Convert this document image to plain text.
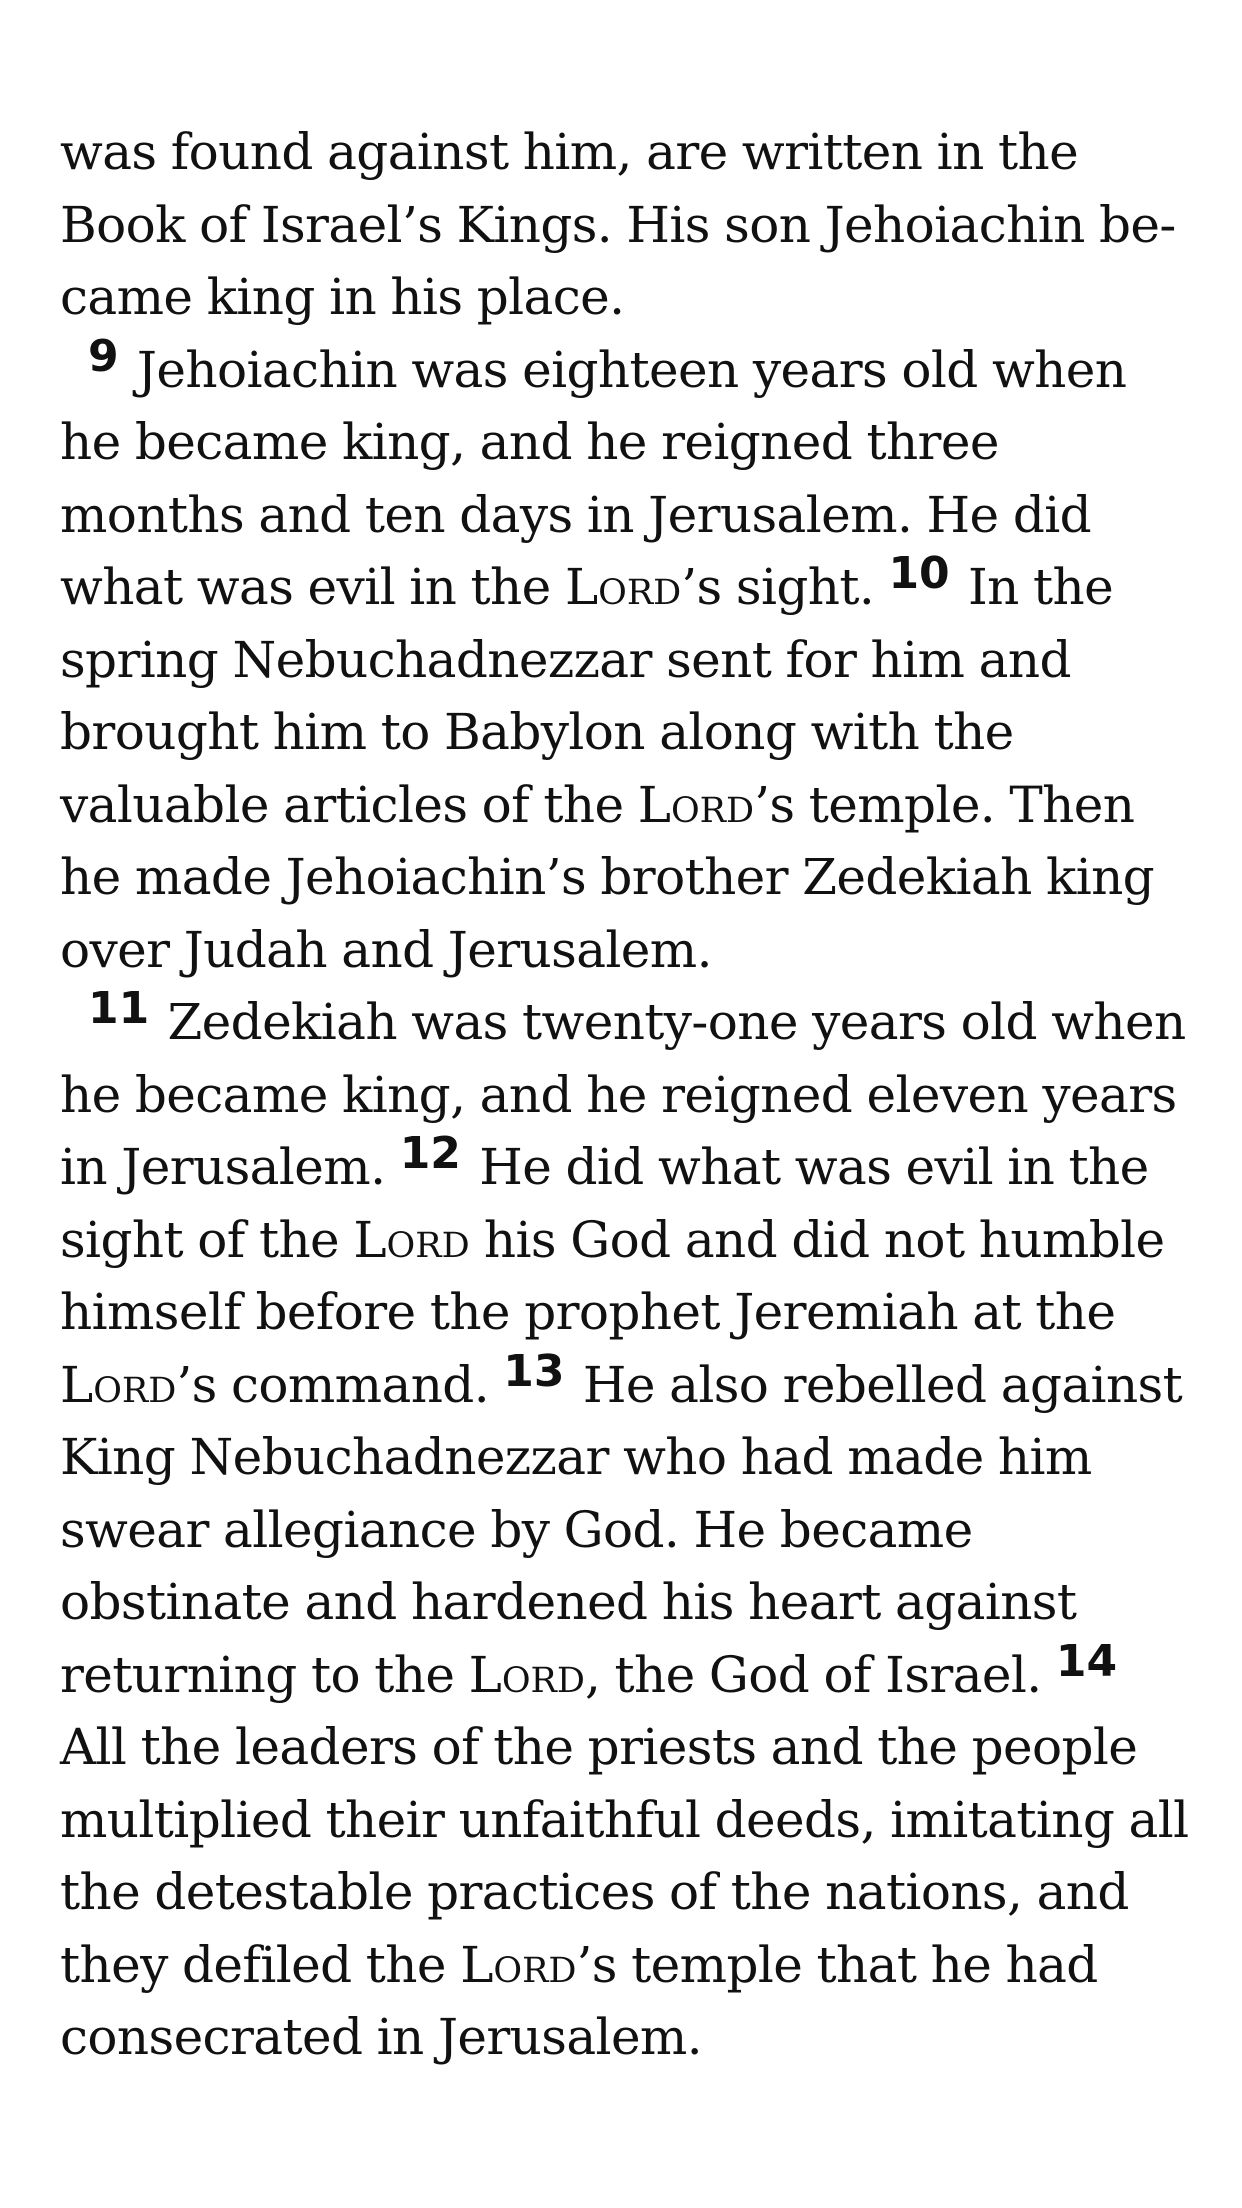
was found against him, are written in the Book of Israel’s Kings. His son Jehoiachin be-came king in his place.

9 Jehoiachin was eighteen years old when he became king, and he reigned three months and ten days in Jerusalem. He did what was evil in the Lord’s sight. 10 In the spring Nebuchadnezzar sent for him and brought him to Babylon along with the valuable articles of the Lord’s temple. Then he made Jehoiachin’s brother Zedekiah king over Judah and Jerusalem.

11 Zedekiah was twenty-one years old when he became king, and he reigned eleven years in Jerusalem. 12 He did what was evil in the sight of the Lord his God and did not humble himself before the prophet Jeremiah at the Lord’s command. 13 He also rebelled against King Nebuchadnezzar who had made him swear allegiance by God. He became obstinate and hardened his heart against returning to the Lord, the God of Israel. 14 All the leaders of the priests and the people multiplied their unfaithful deeds, imitating all the detestable practices of the nations, and they defiled the Lord’s temple that he had consecrated in Jerusalem.
